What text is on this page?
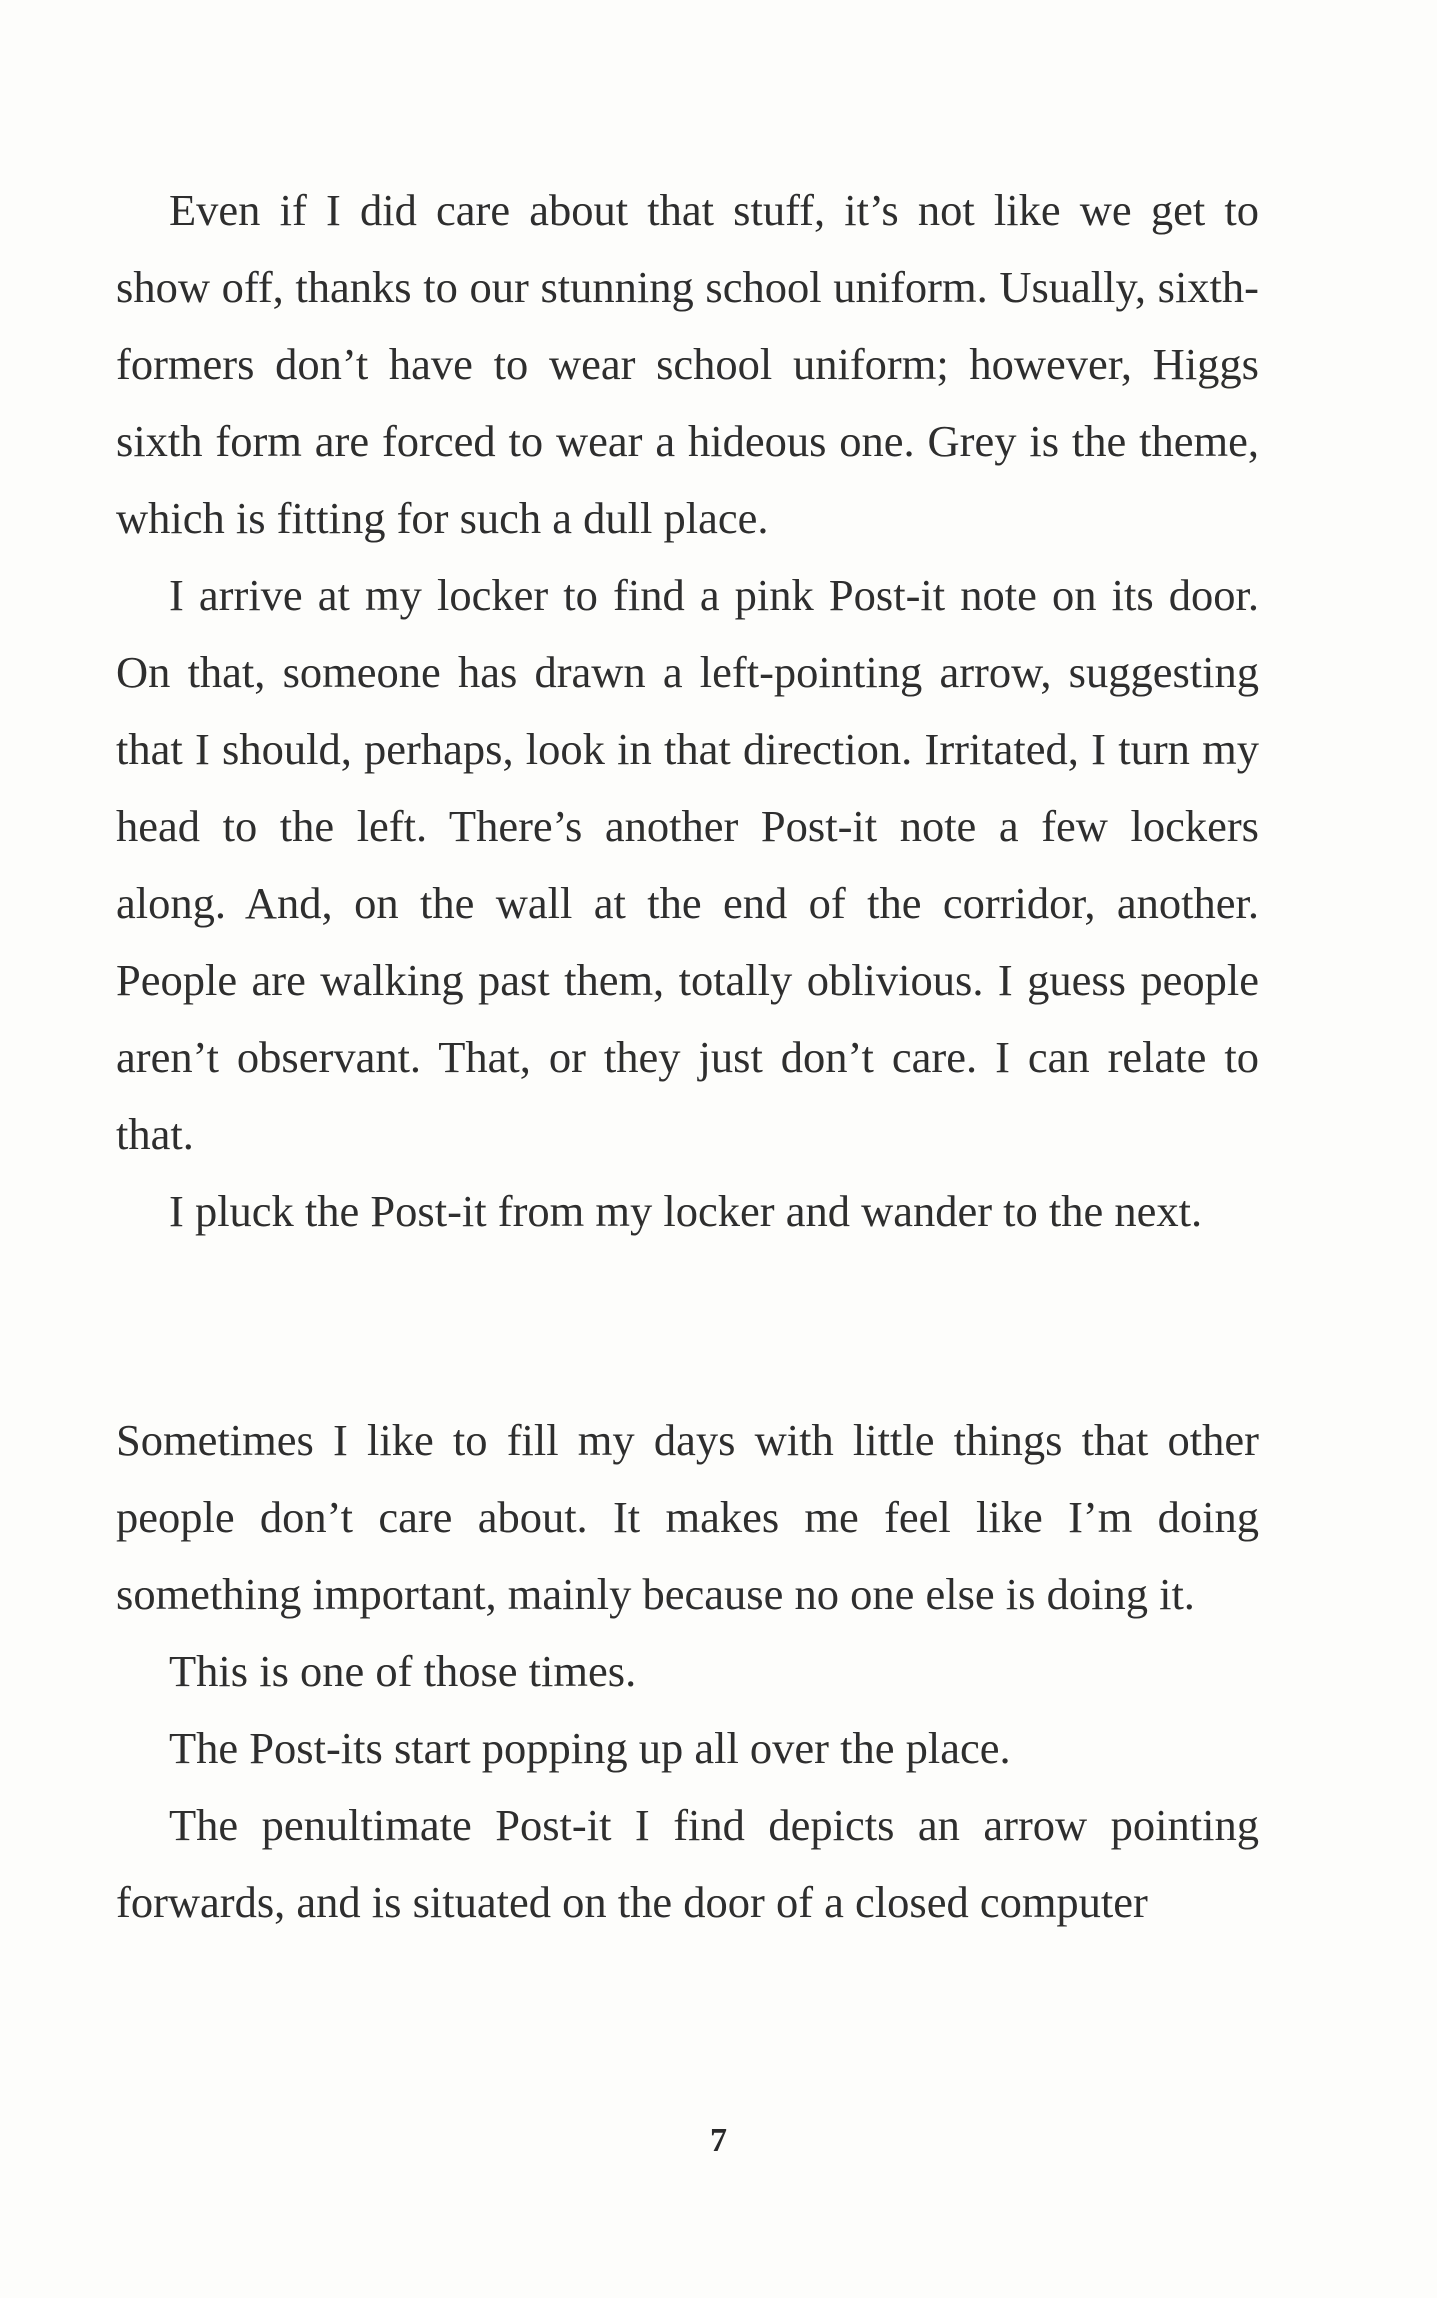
Even if I did care about that stuff, it’s not like we get to show off, thanks to our stunning school uniform. Usually, sixth-formers don’t have to wear school uniform; however, Higgs sixth form are forced to wear a hideous one. Grey is the theme, which is fitting for such a dull place.

I arrive at my locker to find a pink Post-it note on its door. On that, someone has drawn a left-pointing arrow, suggesting that I should, perhaps, look in that direction. Irritated, I turn my head to the left. There’s another Post-it note a few lockers along. And, on the wall at the end of the corridor, another. People are walking past them, totally oblivious. I guess people aren’t observant. That, or they just don’t care. I can relate to that.

I pluck the Post-it from my locker and wander to the next.

Sometimes I like to fill my days with little things that other people don’t care about. It makes me feel like I’m doing something important, mainly because no one else is doing it.

This is one of those times.

The Post-its start popping up all over the place.

The penultimate Post-it I find depicts an arrow pointing forwards, and is situated on the door of a closed computer

7
